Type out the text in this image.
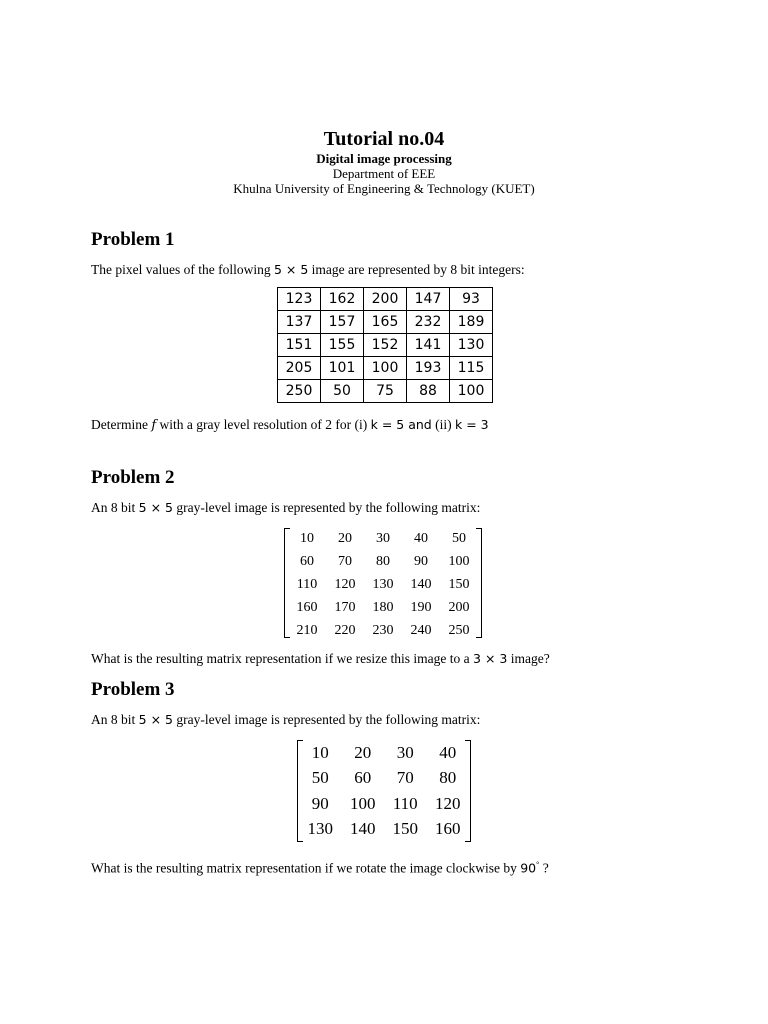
Tutorial no.04
Digital image processing
Department of EEE
Khulna University of Engineering & Technology (KUET)
Problem 1
The pixel values of the following 5 × 5 image are represented by 8 bit integers:
123	162	200	147	93
137	157	165	232	189
151	155	152	141	130
205	101	100	193	115
250	50	75	88	100
Determine f with a gray level resolution of 2 for (i) k = 5 and (ii) k = 3
Problem 2
An 8 bit 5 × 5 gray-level image is represented by the following matrix:
10	20	30	40	50
60	70	80	90	100
110	120	130	140	150
160	170	180	190	200
210	220	230	240	250
What is the resulting matrix representation if we resize this image to a 3 × 3 image?
Problem 3
An 8 bit 5 × 5 gray-level image is represented by the following matrix:
10	20	30	40
50	60	70	80
90	100	110	120
130	140	150	160
What is the resulting matrix representation if we rotate the image clockwise by 90° ?
